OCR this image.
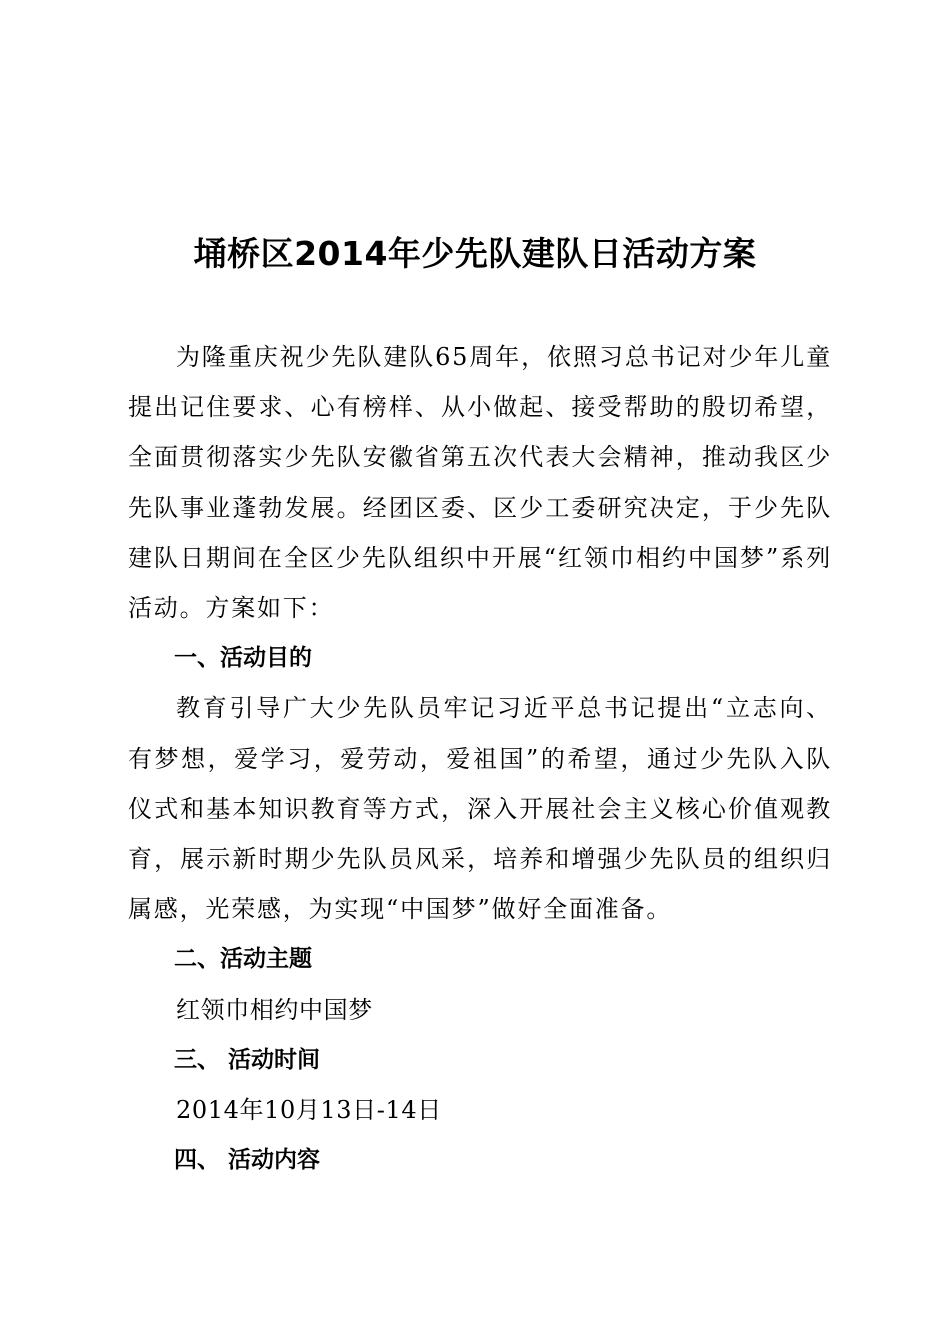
埇桥区2014年少先队建队日活动方案

为隆重庆祝少先队建队65周年，依照习总书记对少年儿童提出记住要求、心有榜样、从小做起、接受帮助的殷切希望，全面贯彻落实少先队安徽省第五次代表大会精神，推动我区少先队事业蓬勃发展。经团区委、区少工委研究决定，于少先队建队日期间在全区少先队组织中开展“红领巾相约中国梦”系列活动。方案如下：

一、活动目的

教育引导广大少先队员牢记习近平总书记提出“立志向、有梦想，爱学习，爱劳动，爱祖国”的希望，通过少先队入队仪式和基本知识教育等方式，深入开展社会主义核心价值观教育，展示新时期少先队员风采，培养和增强少先队员的组织归属感，光荣感，为实现“中国梦”做好全面准备。

二、活动主题

红领巾相约中国梦

三、 活动时间

2014年10月13日-14日

四、 活动内容
